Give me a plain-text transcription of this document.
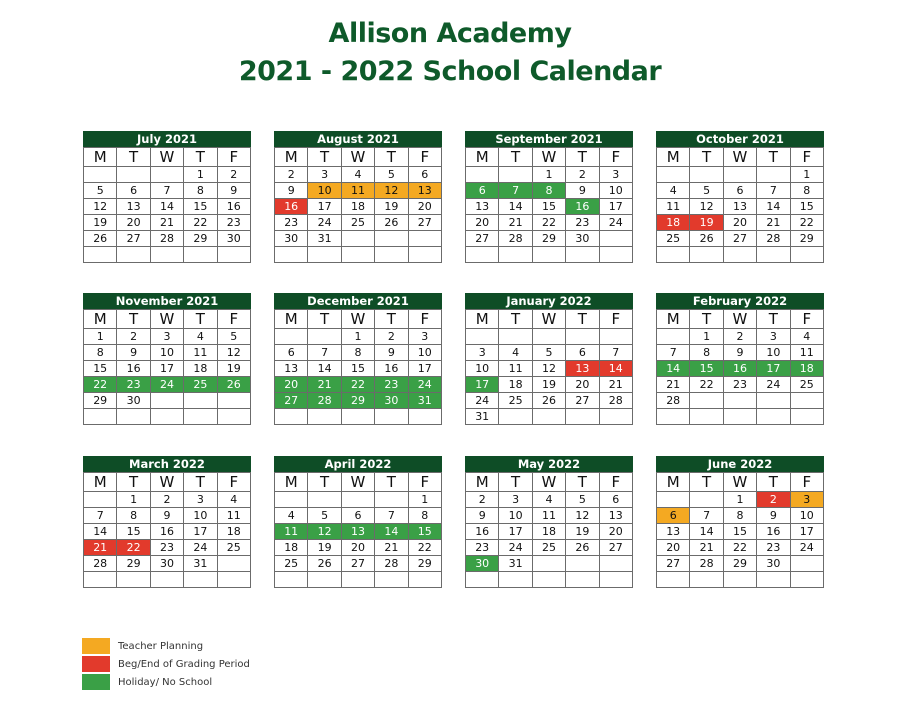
Allison Academy
2021 - 2022 School Calendar
July 2021
M	T	W	T	F
			1	2
5	6	7	8	9
12	13	14	15	16
19	20	21	22	23
26	27	28	29	30

August 2021
M	T	W	T	F
2	3	4	5	6
9	10	11	12	13
16	17	18	19	20
23	24	25	26	27
30	31			

September 2021
M	T	W	T	F
		1	2	3
6	7	8	9	10
13	14	15	16	17
20	21	22	23	24
27	28	29	30	

October 2021
M	T	W	T	F
				1
4	5	6	7	8
11	12	13	14	15
18	19	20	21	22
25	26	27	28	29

November 2021
M	T	W	T	F
1	2	3	4	5
8	9	10	11	12
15	16	17	18	19
22	23	24	25	26
29	30			

December 2021
M	T	W	T	F
		1	2	3
6	7	8	9	10
13	14	15	16	17
20	21	22	23	24
27	28	29	30	31

January 2022
M	T	W	T	F

3	4	5	6	7
10	11	12	13	14
17	18	19	20	21
24	25	26	27	28
31				
February 2022
M	T	W	T	F
	1	2	3	4
7	8	9	10	11
14	15	16	17	18
21	22	23	24	25
28				

March 2022
M	T	W	T	F
	1	2	3	4
7	8	9	10	11
14	15	16	17	18
21	22	23	24	25
28	29	30	31	

April 2022
M	T	W	T	F
				1
4	5	6	7	8
11	12	13	14	15
18	19	20	21	22
25	26	27	28	29

May 2022
M	T	W	T	F
2	3	4	5	6
9	10	11	12	13
16	17	18	19	20
23	24	25	26	27
30	31			

June 2022
M	T	W	T	F
		1	2	3
6	7	8	9	10
13	14	15	16	17
20	21	22	23	24
27	28	29	30	

Teacher Planning
Beg/End of Grading Period
Holiday/ No School
